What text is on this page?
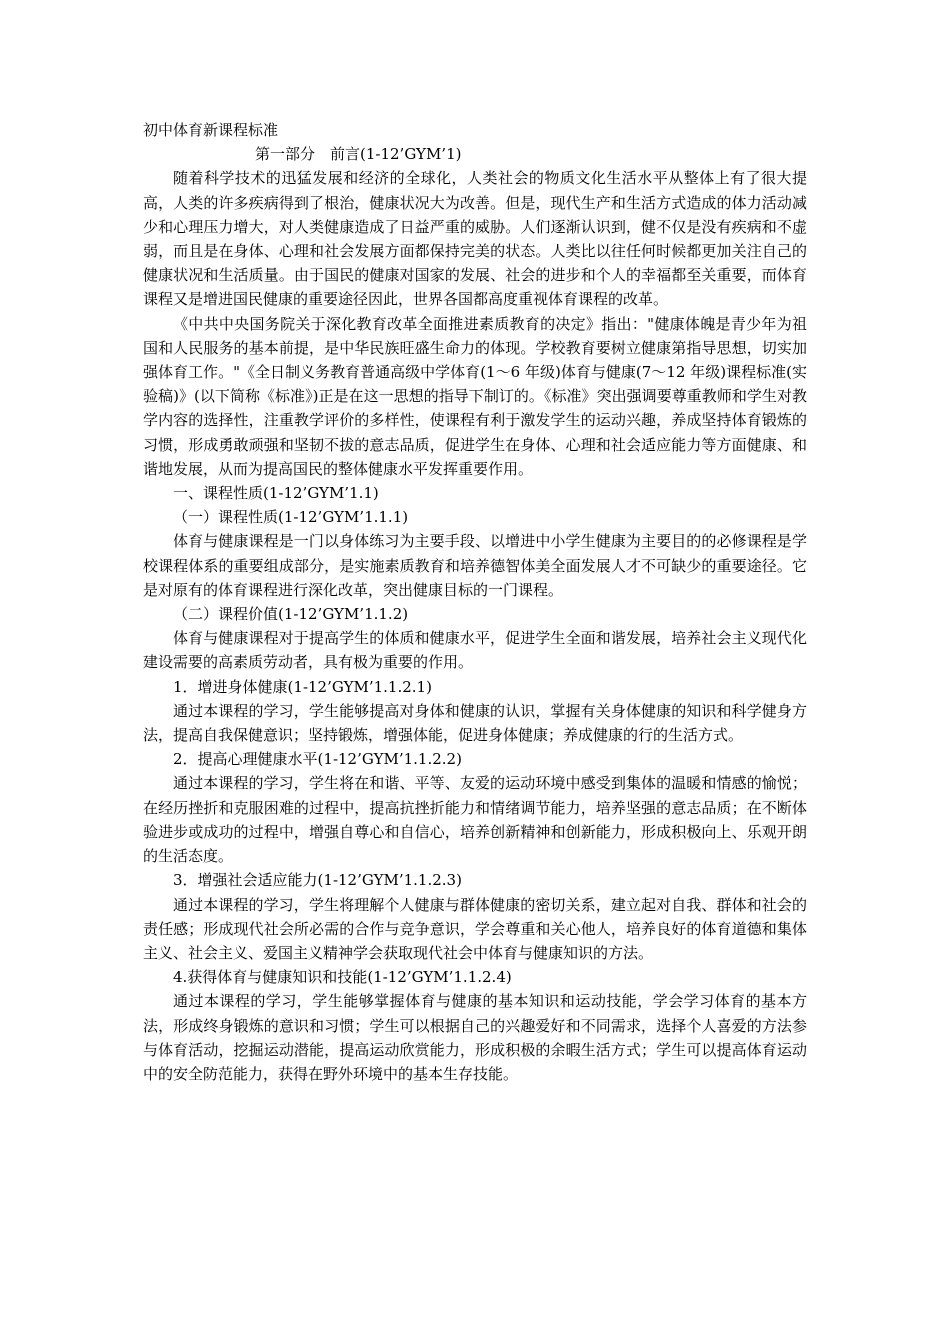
初中体育新课程标准

第一部分　前言(1-12’GYM’1)

随着科学技术的迅猛发展和经济的全球化，人类社会的物质文化生活水平从整体上有了很大提高，人类的许多疾病得到了根治，健康状况大为改善。但是，现代生产和生活方式造成的体力活动减少和心理压力增大，对人类健康造成了日益严重的威胁。人们逐渐认识到，健不仅是没有疾病和不虚弱，而且是在身体、心理和社会发展方面都保持完美的状态。人类比以往任何时候都更加关注自己的健康状况和生活质量。由于国民的健康对国家的发展、社会的进步和个人的幸福都至关重要，而体育课程又是增进国民健康的重要途径因此，世界各国都高度重视体育课程的改革。

《中共中央国务院关于深化教育改革全面推进素质教育的决定》指出："健康体魄是青少年为祖国和人民服务的基本前提，是中华民族旺盛生命力的体现。学校教育要树立健康第指导思想，切实加强体育工作。"《全日制义务教育普通高级中学体育(1～6 年级)体育与健康(7～12 年级)课程标准(实验稿)》(以下简称《标准》)正是在这一思想的指导下制订的。《标准》突出强调要尊重教师和学生对教学内容的选择性，注重教学评价的多样性，使课程有利于激发学生的运动兴趣，养成坚持体育锻炼的习惯，形成勇敢顽强和坚韧不拔的意志品质，促进学生在身体、心理和社会适应能力等方面健康、和谐地发展，从而为提高国民的整体健康水平发挥重要作用。

一、课程性质(1-12’GYM’1.1)

（一）课程性质(1-12’GYM’1.1.1)

体育与健康课程是一门以身体练习为主要手段、以增进中小学生健康为主要目的的必修课程是学校课程体系的重要组成部分，是实施素质教育和培养德智体美全面发展人才不可缺少的重要途径。它是对原有的体育课程进行深化改革，突出健康目标的一门课程。

（二）课程价值(1-12’GYM’1.1.2)

体育与健康课程对于提高学生的体质和健康水平，促进学生全面和谐发展，培养社会主义现代化建设需要的高素质劳动者，具有极为重要的作用。

1．增进身体健康(1-12’GYM’1.1.2.1)

通过本课程的学习，学生能够提高对身体和健康的认识，掌握有关身体健康的知识和科学健身方法，提高自我保健意识；坚持锻炼，增强体能，促进身体健康；养成健康的行的生活方式。

2．提高心理健康水平(1-12’GYM’1.1.2.2)

通过本课程的学习，学生将在和谐、平等、友爱的运动环境中感受到集体的温暖和情感的愉悦；在经历挫折和克服困难的过程中，提高抗挫折能力和情绪调节能力，培养坚强的意志品质；在不断体验进步或成功的过程中，增强自尊心和自信心，培养创新精神和创新能力，形成积极向上、乐观开朗的生活态度。

3．增强社会适应能力(1-12’GYM’1.1.2.3)

通过本课程的学习，学生将理解个人健康与群体健康的密切关系，建立起对自我、群体和社会的责任感；形成现代社会所必需的合作与竞争意识，学会尊重和关心他人，培养良好的体育道德和集体主义、社会主义、爱国主义精神学会获取现代社会中体育与健康知识的方法。

4.获得体育与健康知识和技能(1-12’GYM’1.1.2.4)

通过本课程的学习，学生能够掌握体育与健康的基本知识和运动技能，学会学习体育的基本方法，形成终身锻炼的意识和习惯；学生可以根据自己的兴趣爱好和不同需求，选择个人喜爱的方法参与体育活动，挖掘运动潜能，提高运动欣赏能力，形成积极的余暇生活方式；学生可以提高体育运动中的安全防范能力，获得在野外环境中的基本生存技能。
